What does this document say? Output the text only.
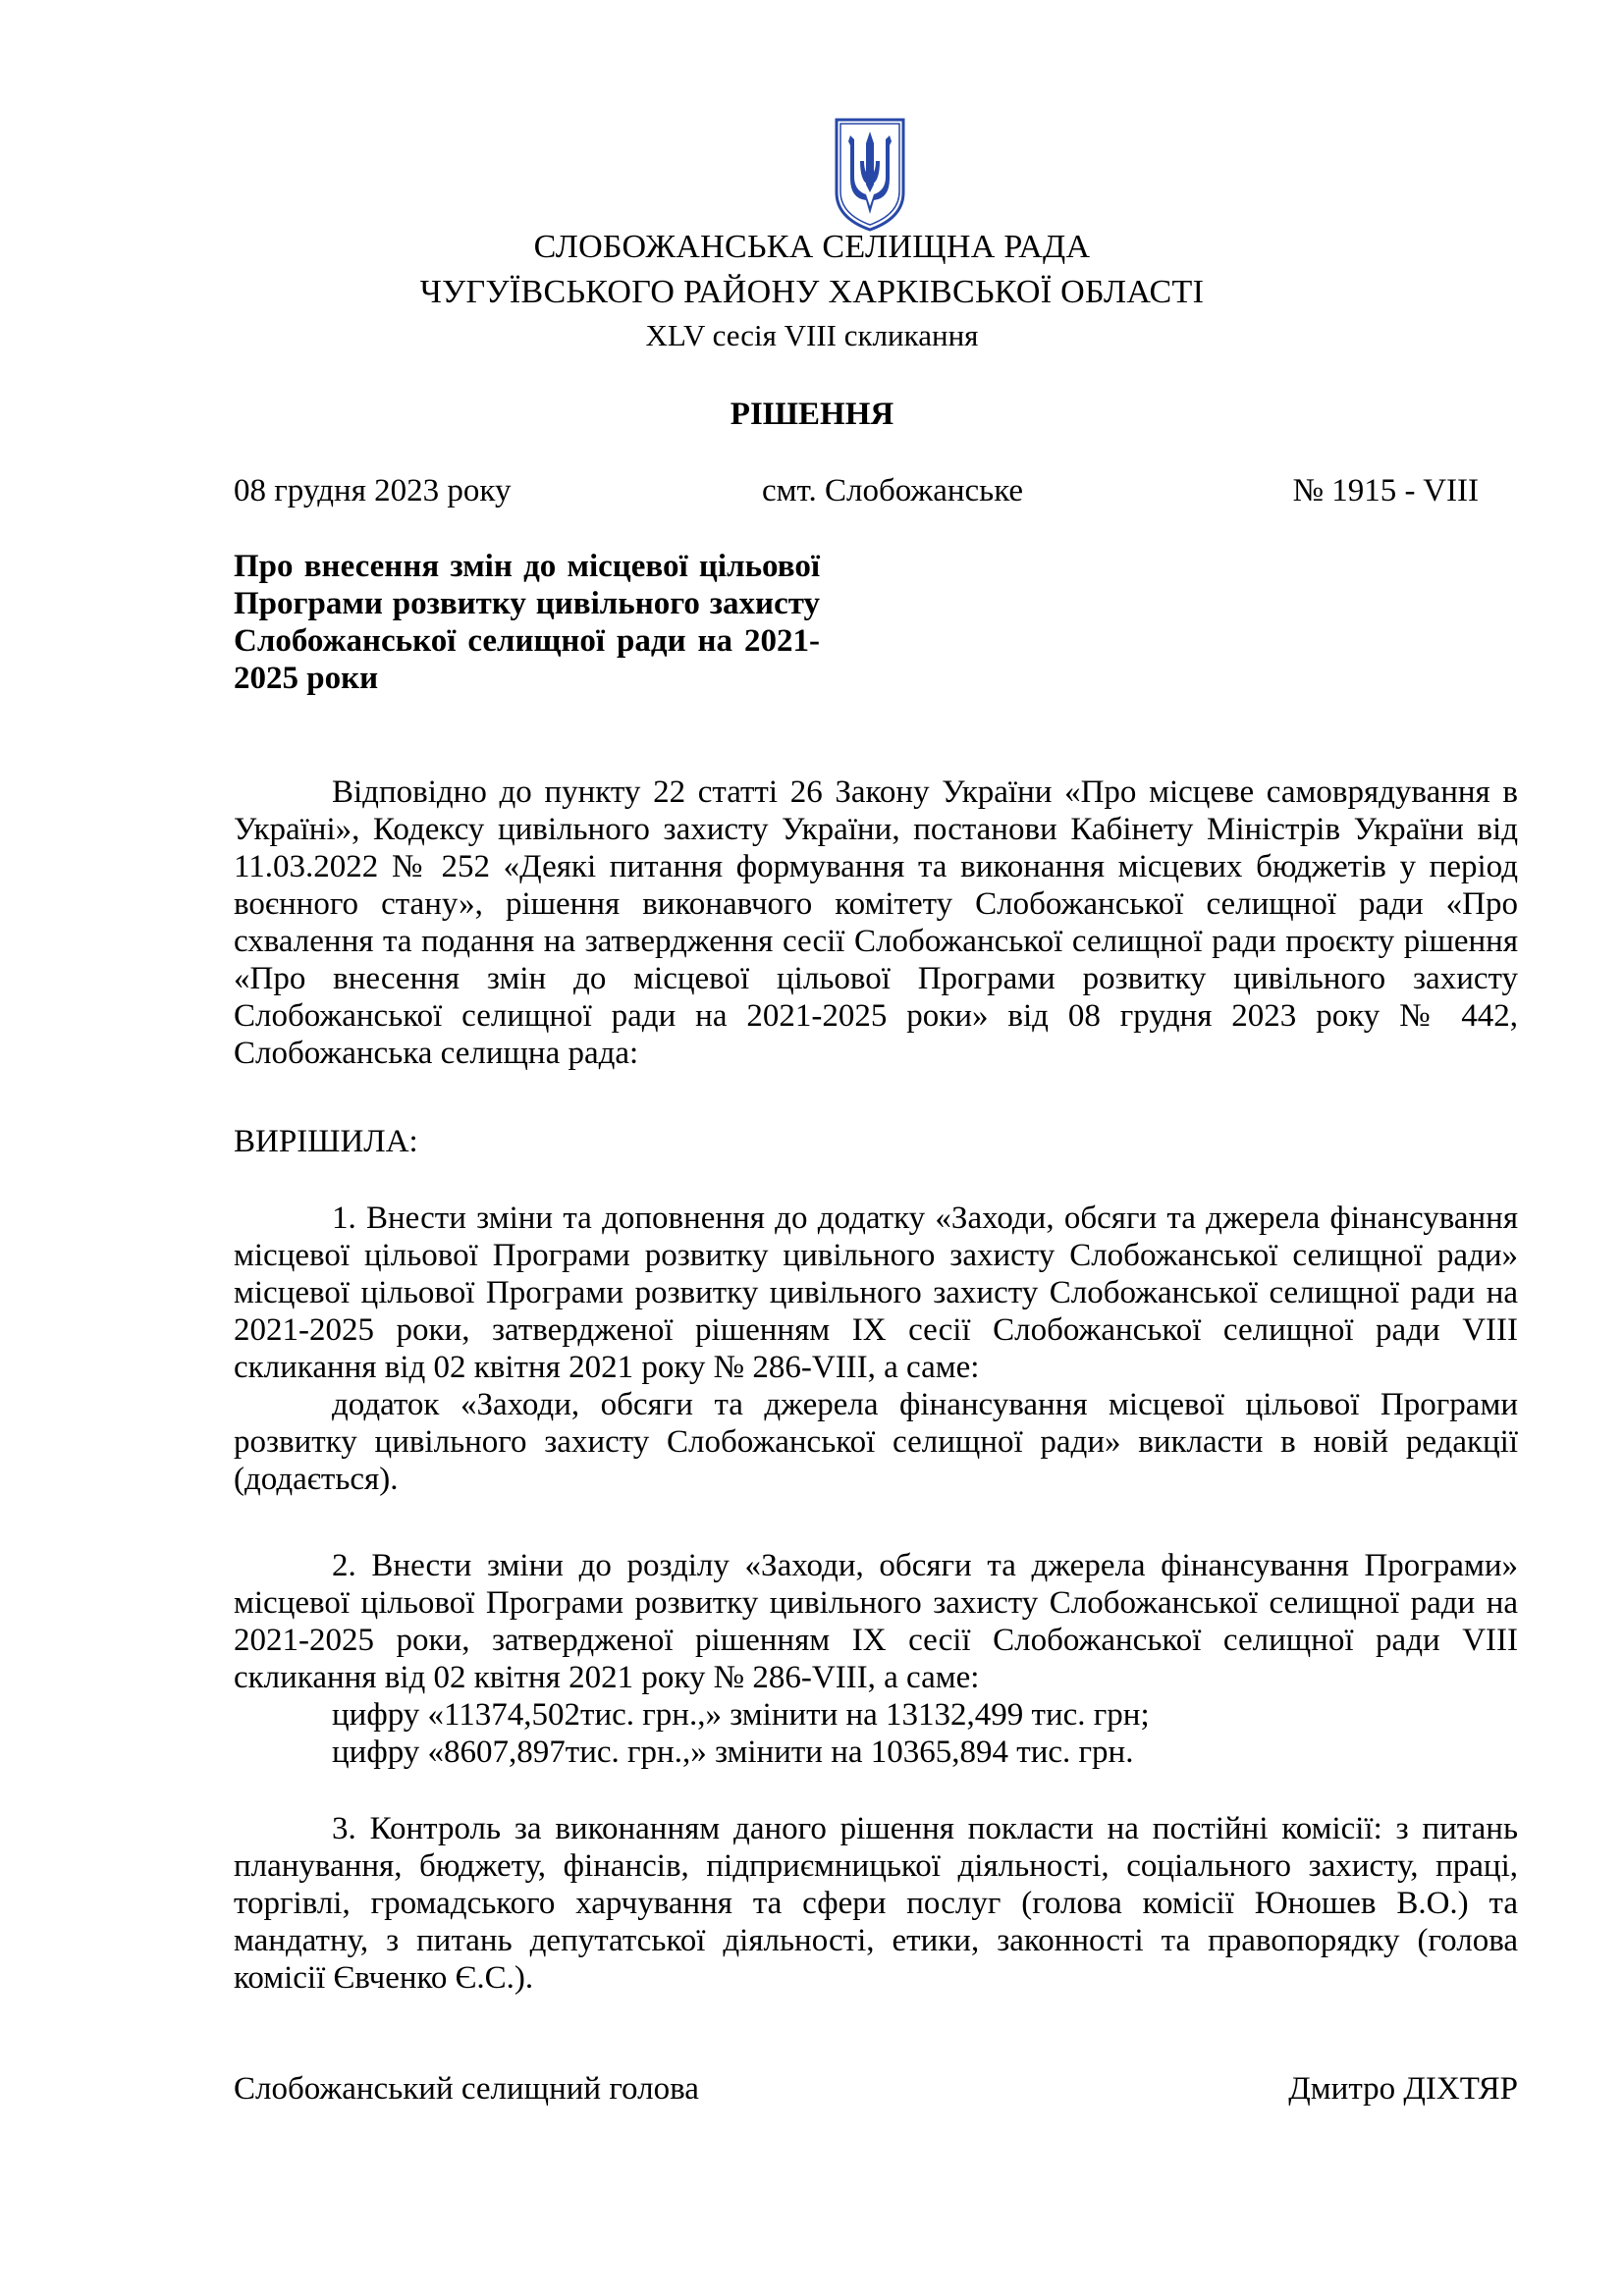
СЛОБОЖАНСЬКА СЕЛИЩНА РАДА
ЧУГУЇВСЬКОГО РАЙОНУ ХАРКІВСЬКОЇ ОБЛАСТІ
XLV сесія VIII скликання
РІШЕННЯ
08 грудня 2023 року	смт. Слобожанське	№ 1915 - VIII
Про внесення змін до місцевої цільової Програми розвитку цивільного захисту Слобожанської селищної ради на 2021-2025 роки
Відповідно до пункту 22 статті 26 Закону України «Про місцеве самоврядування в Україні», Кодексу цивільного захисту України, постанови Кабінету Міністрів України від 11.03.2022 № 252 «Деякі питання формування та виконання місцевих бюджетів у період воєнного стану», рішення виконавчого комітету Слобожанської селищної ради «Про схвалення та подання на затвердження сесії Слобожанської селищної ради проєкту рішення «Про внесення змін до місцевої цільової Програми розвитку цивільного захисту Слобожанської селищної ради на 2021-2025 роки» від 08 грудня 2023 року № 442, Слобожанська селищна рада:
ВИРІШИЛА:
1. Внести зміни та доповнення до додатку «Заходи, обсяги та джерела фінансування місцевої цільової Програми розвитку цивільного захисту Слобожанської селищної ради» місцевої цільової Програми розвитку цивільного захисту Слобожанської селищної ради на 2021-2025 роки, затвердженої рішенням IX сесії Слобожанської селищної ради VIII скликання від 02 квітня 2021 року № 286-VIII, а саме:
додаток «Заходи, обсяги та джерела фінансування місцевої цільової Програми розвитку цивільного захисту Слобожанської селищної ради» викласти в новій редакції (додається).
2. Внести зміни до розділу «Заходи, обсяги та джерела фінансування Програми» місцевої цільової Програми розвитку цивільного захисту Слобожанської селищної ради на 2021-2025 роки, затвердженої рішенням IX сесії Слобожанської селищної ради VIII скликання від 02 квітня 2021 року № 286-VIII, а саме:
цифру «11374,502тис. грн.,» змінити на 13132,499 тис. грн;
цифру «8607,897тис. грн.,» змінити на 10365,894 тис. грн.
3. Контроль за виконанням даного рішення покласти на постійні комісії: з питань планування, бюджету, фінансів, підприємницької діяльності, соціального захисту, праці, торгівлі, громадського харчування та сфери послуг (голова комісії Юношев В.О.) та мандатну, з питань депутатської діяльності, етики, законності та правопорядку (голова комісії Євченко Є.С.).
Слобожанський селищний голова	Дмитро ДІХТЯР
